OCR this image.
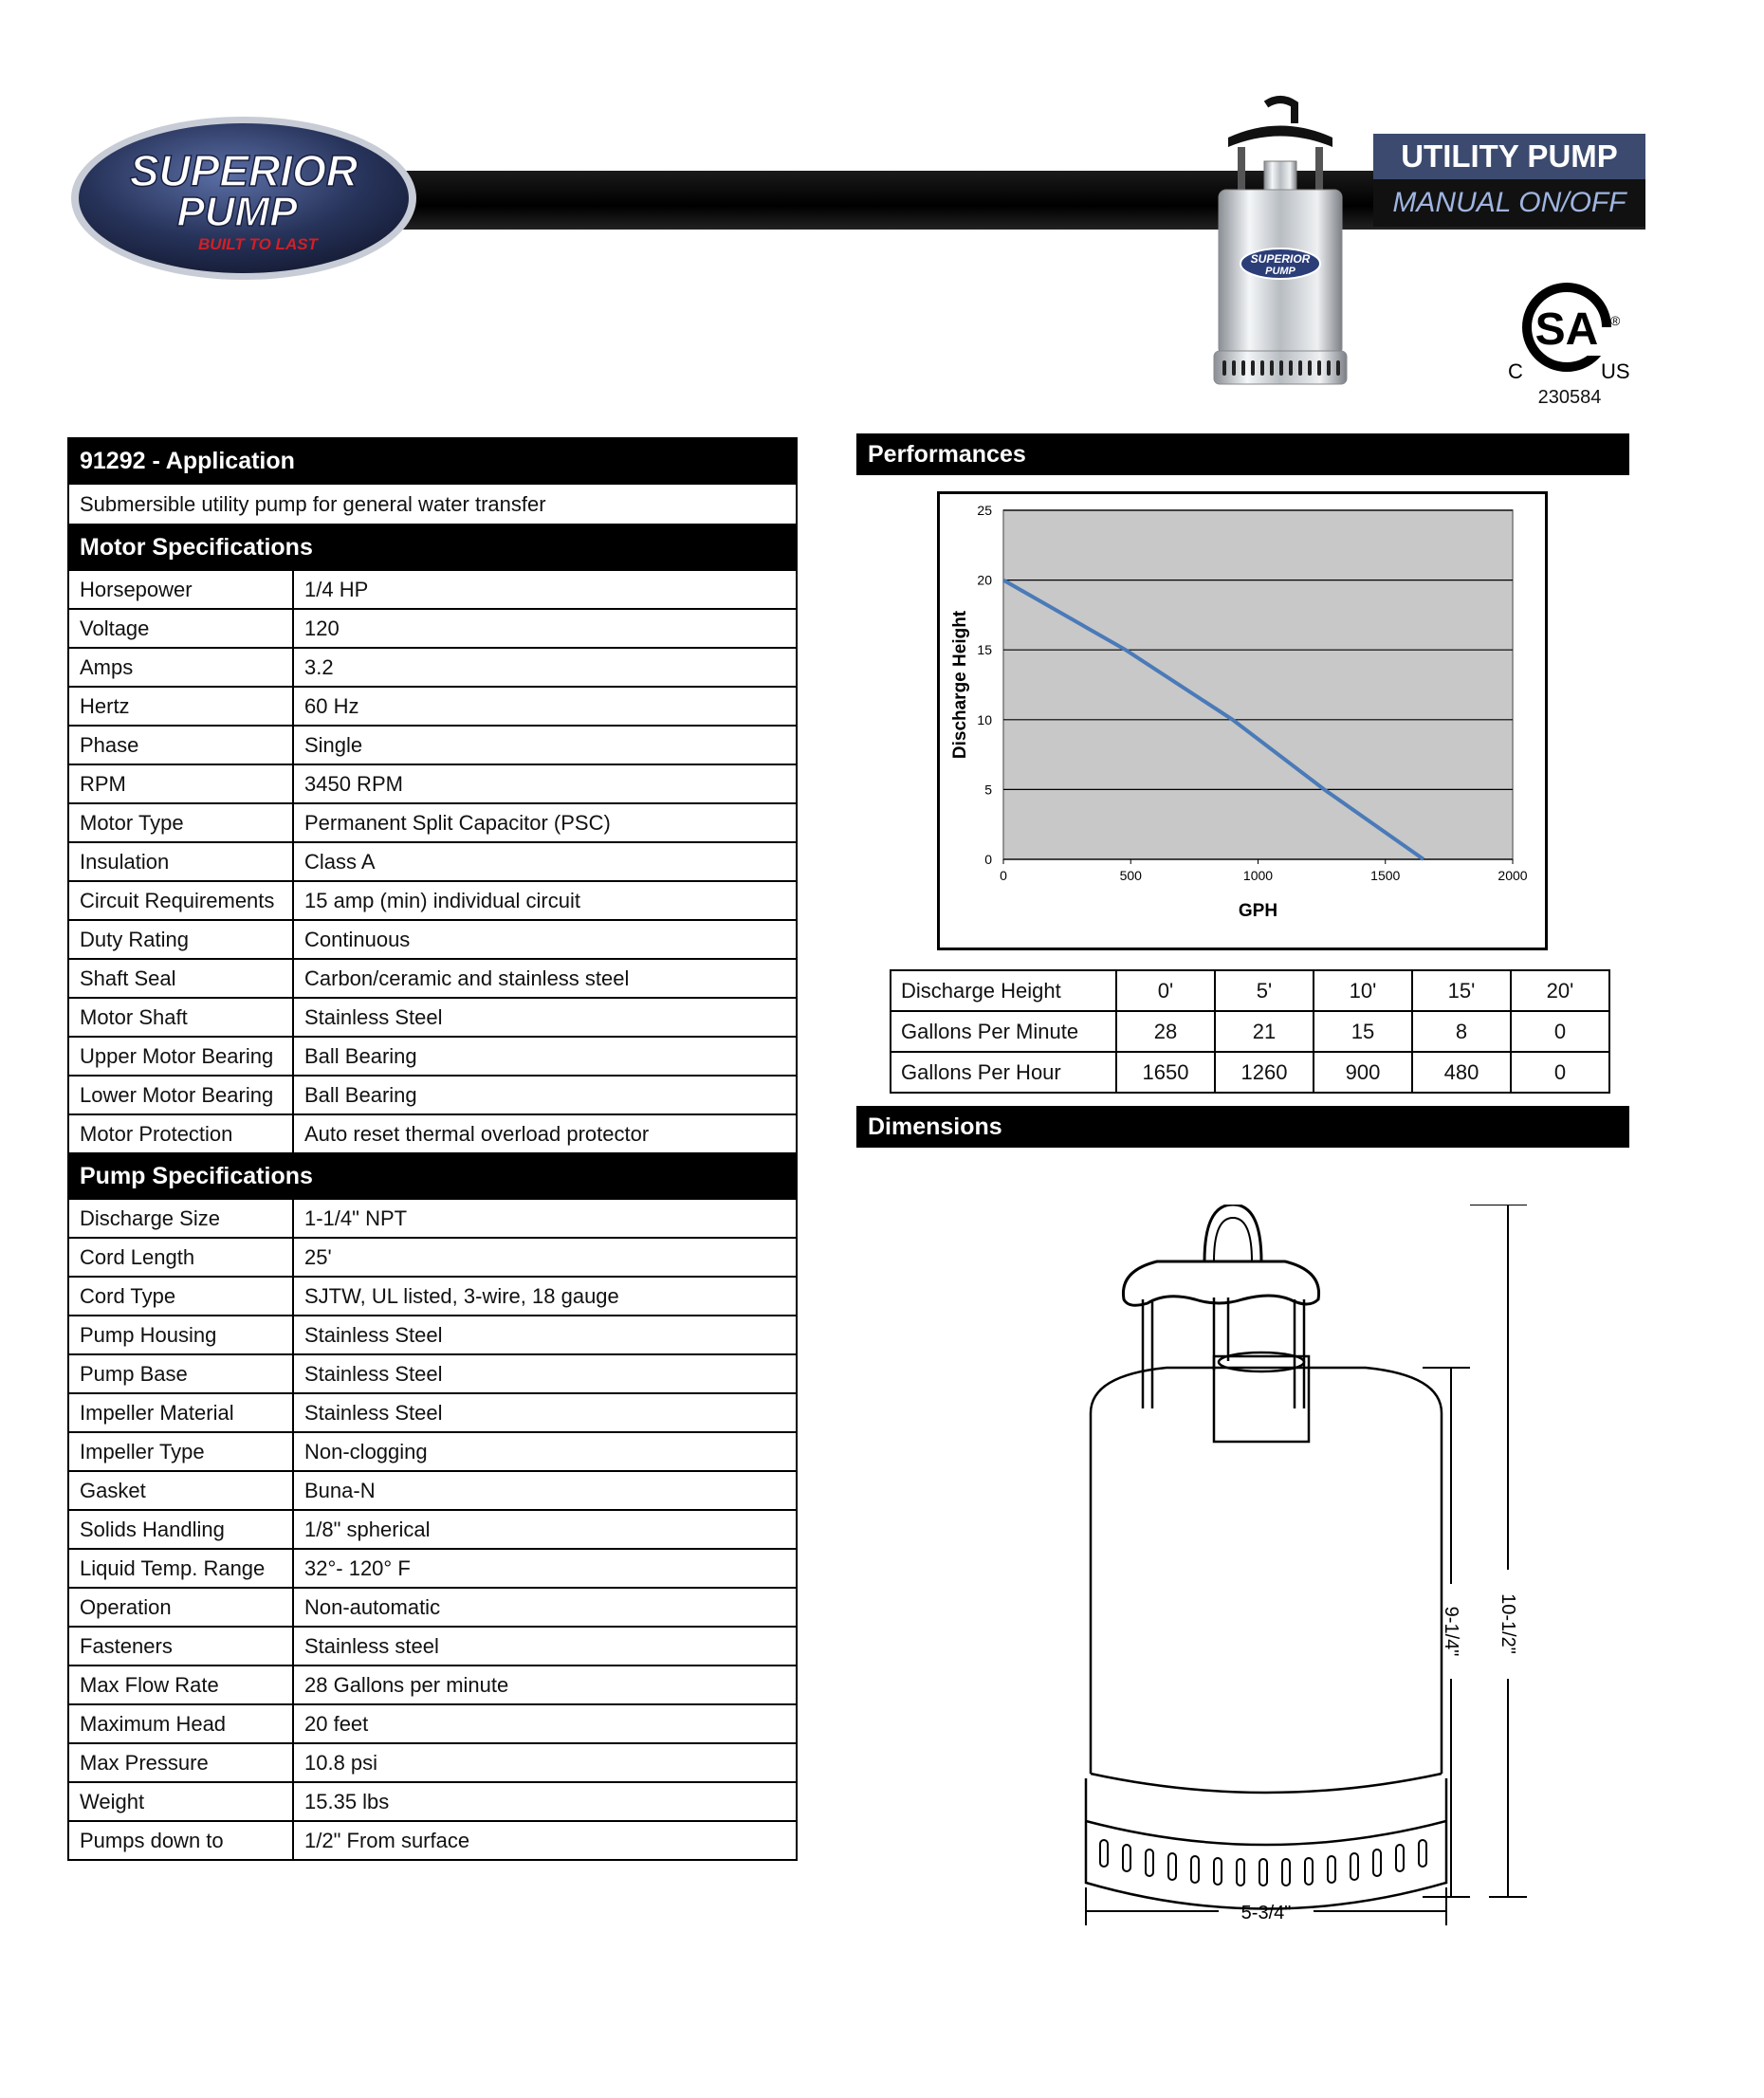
SUPERIOR
PUMP
BUILT TO LAST
SUPERIOR
PUMP
UTILITY PUMP
MANUAL ON/OFF
SA ®
C	US
230584
91292 - Application	
Submersible utility pump for general water transfer	
Motor Specifications	
Horsepower	1/4 HP
Voltage	120
Amps	3.2
Hertz	60 Hz
Phase	Single
RPM	3450 RPM
Motor Type	Permanent Split Capacitor (PSC)
Insulation	Class A
Circuit Requirements	15 amp (min) individual circuit
Duty Rating	Continuous
Shaft Seal	Carbon/ceramic and stainless steel
Motor Shaft	Stainless Steel
Upper Motor Bearing	Ball Bearing
Lower Motor Bearing	Ball Bearing
Motor Protection	Auto reset thermal overload protector
Pump Specifications	
Discharge Size	1-1/4" NPT
Cord Length	25'
Cord Type	SJTW, UL listed, 3-wire, 18 gauge
Pump Housing	Stainless Steel
Pump Base	Stainless Steel
Impeller Material	Stainless Steel
Impeller Type	Non-clogging
Gasket	Buna-N
Solids Handling	1/8" spherical
Liquid Temp. Range	32°- 120° F
Operation	Non-automatic
Fasteners	Stainless steel
Max Flow Rate	28 Gallons per minute
Maximum Head	20 feet
Max Pressure	10.8 psi
Weight	15.35 lbs
Pumps down to	1/2" From surface
Performances
0
5
10
15
20
25
0	500	1000	1500	2000
GPH
Discharge Height
Discharge Height	0'	5'	10'	15'	20'
Gallons Per Minute	28	21	15	8	0
Gallons Per Hour	1650	1260	900	480	0
Dimensions
5-3/4"
9-1/4" 10-1/2"
